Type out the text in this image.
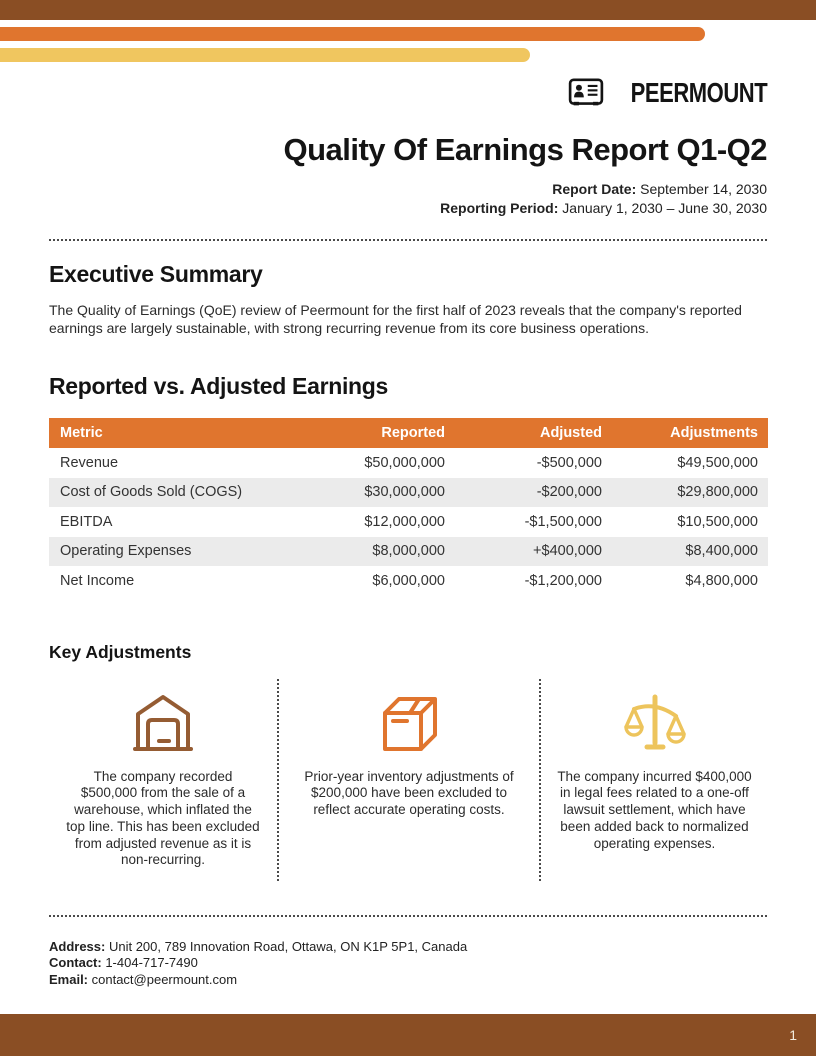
PEERMOUNT
Quality Of Earnings Report Q1-Q2
Report Date: September 14, 2030
Reporting Period: January 1, 2030 – June 30, 2030
Executive Summary
The Quality of Earnings (QoE) review of Peermount for the first half of 2023 reveals that the company's reported earnings are largely sustainable, with strong recurring revenue from its core business operations.
Reported vs. Adjusted Earnings
Metric	Reported	Adjusted	Adjustments
Revenue	$50,000,000	-$500,000	$49,500,000
Cost of Goods Sold (COGS)	$30,000,000	-$200,000	$29,800,000
EBITDA	$12,000,000	-$1,500,000	$10,500,000
Operating Expenses	$8,000,000	+$400,000	$8,400,000
Net Income	$6,000,000	-$1,200,000	$4,800,000
Key Adjustments
The company recorded $500,000 from the sale of a warehouse, which inflated the top line. This has been excluded from adjusted revenue as it is non-recurring.
Prior-year inventory adjustments of $200,000 have been excluded to reflect accurate operating costs.
The company incurred $400,000 in legal fees related to a one-off lawsuit settlement, which have been added back to normalized operating expenses.
Address: Unit 200, 789 Innovation Road, Ottawa, ON K1P 5P1, Canada
Contact: 1-404-717-7490
Email: contact@peermount.com
1
